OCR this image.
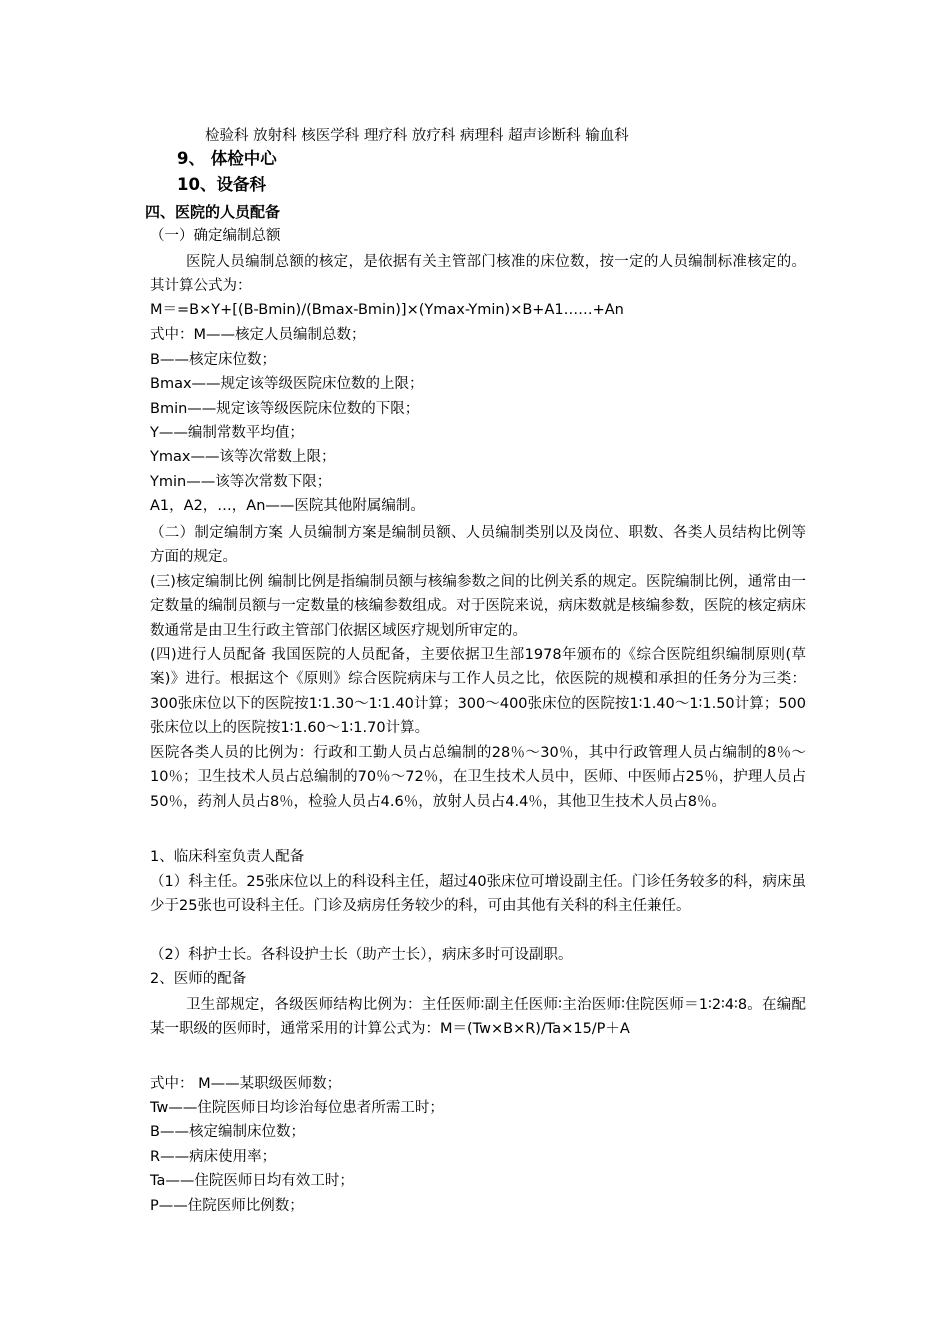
检验科 放射科 核医学科 理疗科 放疗科 病理科 超声诊断科 输血科
9、 体检中心
10、设备科
四、医院的人员配备
（一）确定编制总额
医院人员编制总额的核定，是依据有关主管部门核准的床位数，按一定的人员编制标准核定的。其计算公式为：
M＝=B×Y+[(B-Bmin)/(Bmax-Bmin)]×(Ymax-Ymin)×B+A1……+An
式中：M——核定人员编制总数；
B——核定床位数；
Bmax——规定该等级医院床位数的上限；
Bmin——规定该等级医院床位数的下限；
Y——编制常数平均值；
Ymax——该等次常数上限；
Ymin——该等次常数下限；
A1，A2，…，An——医院其他附属编制。
（二）制定编制方案 人员编制方案是编制员额、人员编制类别以及岗位、职数、各类人员结构比例等方面的规定。
(三)核定编制比例 编制比例是指编制员额与核编参数之间的比例关系的规定。医院编制比例，通常由一定数量的编制员额与一定数量的核编参数组成。对于医院来说，病床数就是核编参数，医院的核定病床数通常是由卫生行政主管部门依据区域医疗规划所审定的。
(四)进行人员配备 我国医院的人员配备，主要依据卫生部1978年颁布的《综合医院组织编制原则(草案)》进行。根据这个《原则》综合医院病床与工作人员之比，依医院的规模和承担的任务分为三类：300张床位以下的医院按1∶1.30～1∶1.40计算；300～400张床位的医院按1∶1.40～1∶1.50计算；500张床位以上的医院按1∶1.60～1∶1.70计算。
医院各类人员的比例为：行政和工勤人员占总编制的28％～30％，其中行政管理人员占编制的8％～10％；卫生技术人员占总编制的70％～72％，在卫生技术人员中，医师、中医师占25％，护理人员占50％，药剂人员占8％，检验人员占4.6％，放射人员占4.4％，其他卫生技术人员占8％。
1、临床科室负责人配备
（1）科主任。25张床位以上的科设科主任，超过40张床位可增设副主任。门诊任务较多的科，病床虽少于25张也可设科主任。门诊及病房任务较少的科，可由其他有关科的科主任兼任。
（2）科护士长。各科设护士长（助产士长），病床多时可设副职。
2、医师的配备
卫生部规定，各级医师结构比例为：主任医师∶副主任医师∶主治医师∶住院医师＝1∶2∶4∶8。在编配某一职级的医师时，通常采用的计算公式为：M＝(Tw×B×R)/Ta×15/P＋A
式中： M——某职级医师数；
Tw——住院医师日均诊治每位患者所需工时；
B——核定编制床位数；
R——病床使用率；
Ta——住院医师日均有效工时；
P——住院医师比例数；
